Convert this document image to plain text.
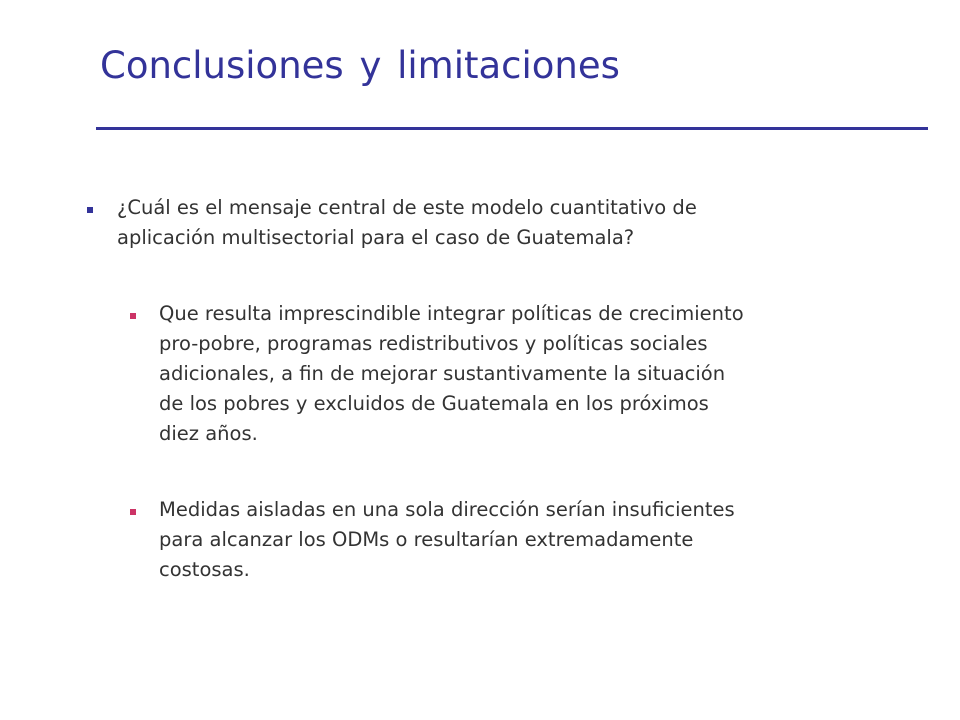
Conclusiones y limitaciones
¿Cuál es el mensaje central de este modelo cuantitativo de
aplicación multisectorial para el caso de Guatemala?
Que resulta imprescindible integrar políticas de crecimiento
pro-pobre, programas redistributivos y políticas sociales
adicionales, a fin de mejorar sustantivamente la situación
de los pobres y excluidos de Guatemala en los próximos
diez años.
Medidas aisladas en una sola dirección serían insuficientes
para alcanzar los ODMs o resultarían extremadamente
costosas.
